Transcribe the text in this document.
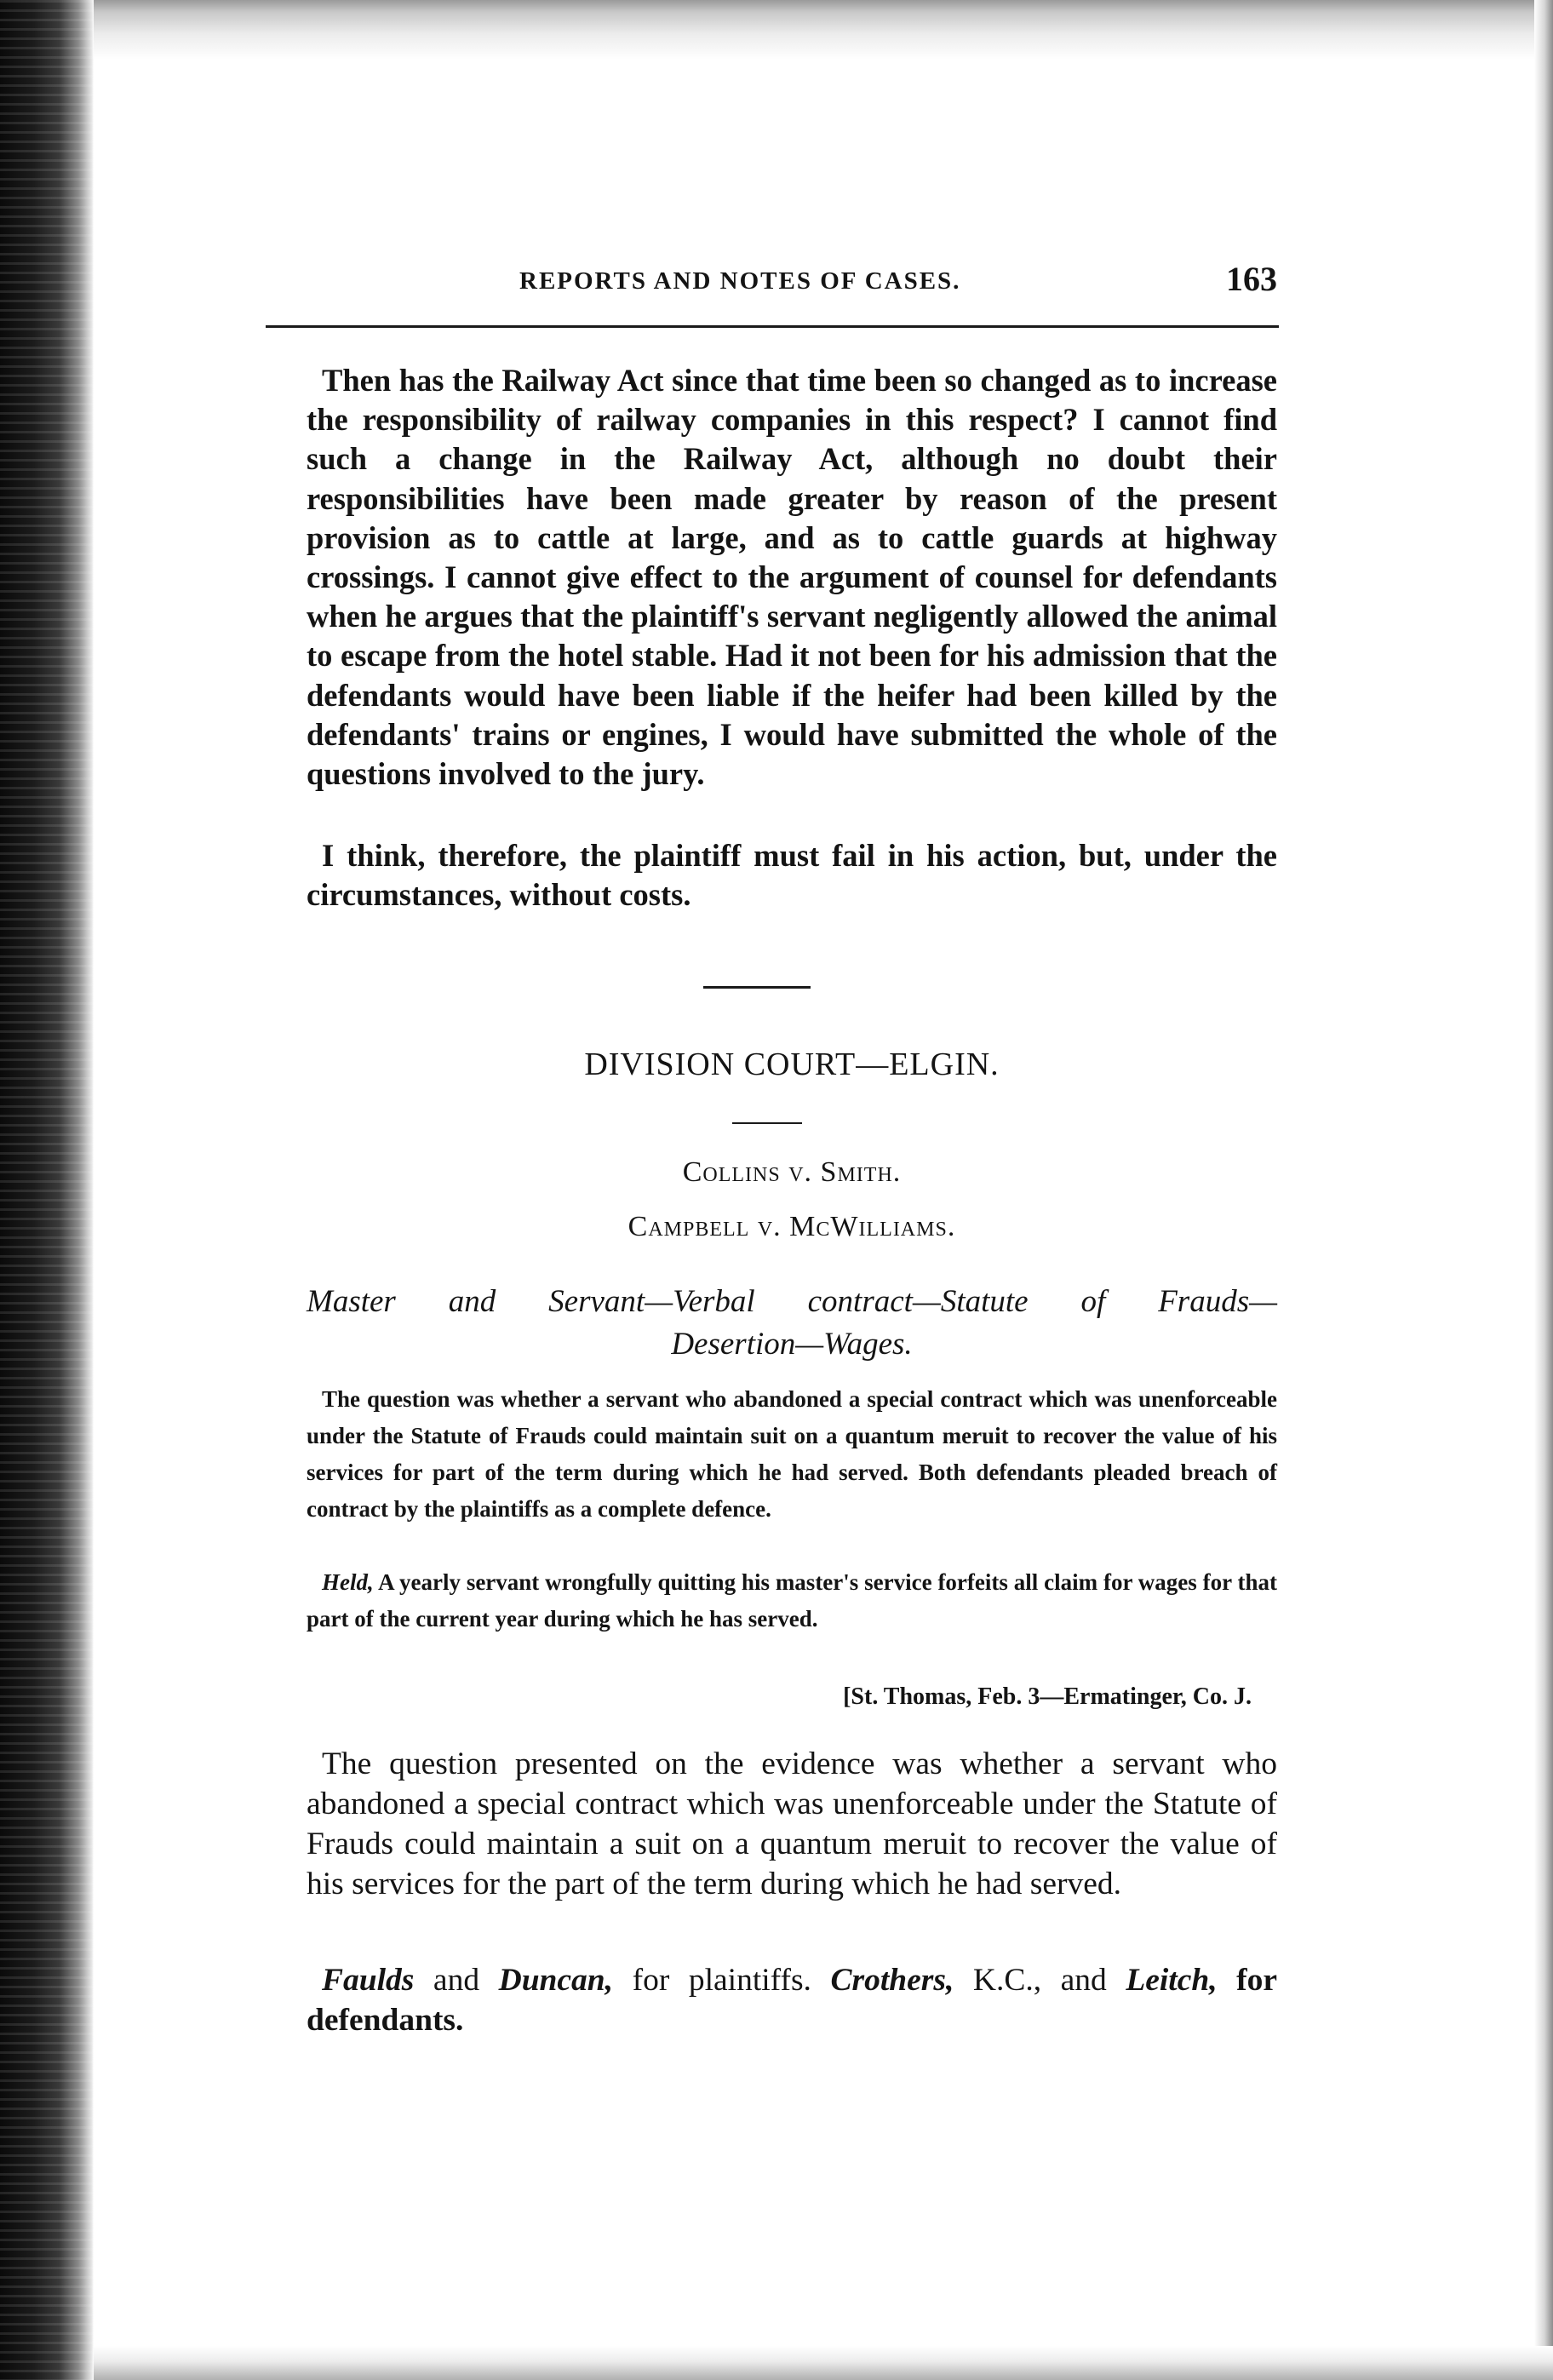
REPORTS AND NOTES OF CASES.	163

Then has the Railway Act since that time been so changed as to increase the responsibility of railway companies in this respect? I cannot find such a change in the Railway Act, although no doubt their responsibilities have been made greater by reason of the present provision as to cattle at large, and as to cattle guards at highway crossings. I cannot give effect to the argument of counsel for defendants when he argues that the plaintiff's servant negligently allowed the animal to escape from the hotel stable. Had it not been for his admission that the defendants would have been liable if the heifer had been killed by the defendants' trains or engines, I would have submitted the whole of the questions involved to the jury.

I think, therefore, the plaintiff must fail in his action, but, under the circumstances, without costs.

DIVISION COURT—ELGIN.
Collins v. Smith.
Campbell v. McWilliams.
Master and Servant—Verbal contract—Statute of Frauds—
Desertion—Wages.

The question was whether a servant who abandoned a special contract which was unenforceable under the Statute of Frauds could maintain suit on a quantum meruit to recover the value of his services for part of the term during which he had served. Both defendants pleaded breach of contract by the plaintiffs as a complete defence.

Held, A yearly servant wrongfully quitting his master's service forfeits all claim for wages for that part of the current year during which he has served.

[St. Thomas, Feb. 3—Ermatinger, Co. J.

The question presented on the evidence was whether a servant who abandoned a special contract which was unenforceable under the Statute of Frauds could maintain a suit on a quantum meruit to recover the value of his services for the part of the term during which he had served.

Faulds and Duncan, for plaintiffs. Crothers, K.C., and Leitch, for defendants.
